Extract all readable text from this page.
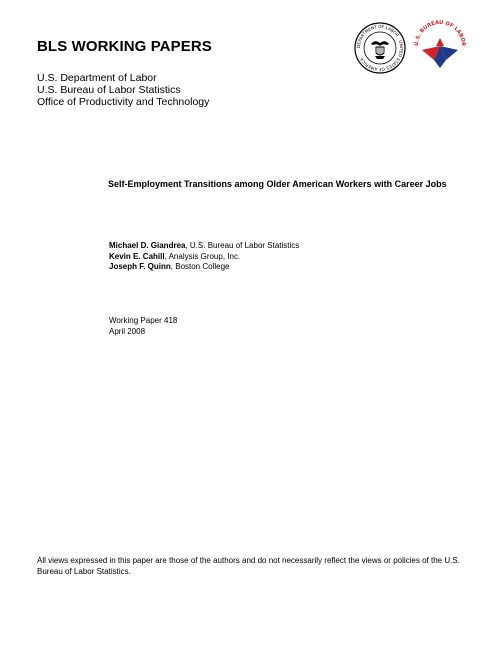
BLS WORKING PAPERS
U.S. Department of Labor
U.S. Bureau of Labor Statistics
Office of Productivity and Technology
DEPARTMENT OF LABOR · UNITED STATES OF AMERICA
U.S. BUREAU OF LABOR
Self-Employment Transitions among Older American Workers with Career Jobs
Michael D. Giandrea, U.S. Bureau of Labor Statistics
Kevin E. Cahill, Analysis Group, Inc.
Joseph F. Quinn, Boston College
Working Paper 418
April 2008
All views expressed in this paper are those of the authors and do not necessarily reflect the views or policies of the U.S. Bureau of Labor Statistics.
